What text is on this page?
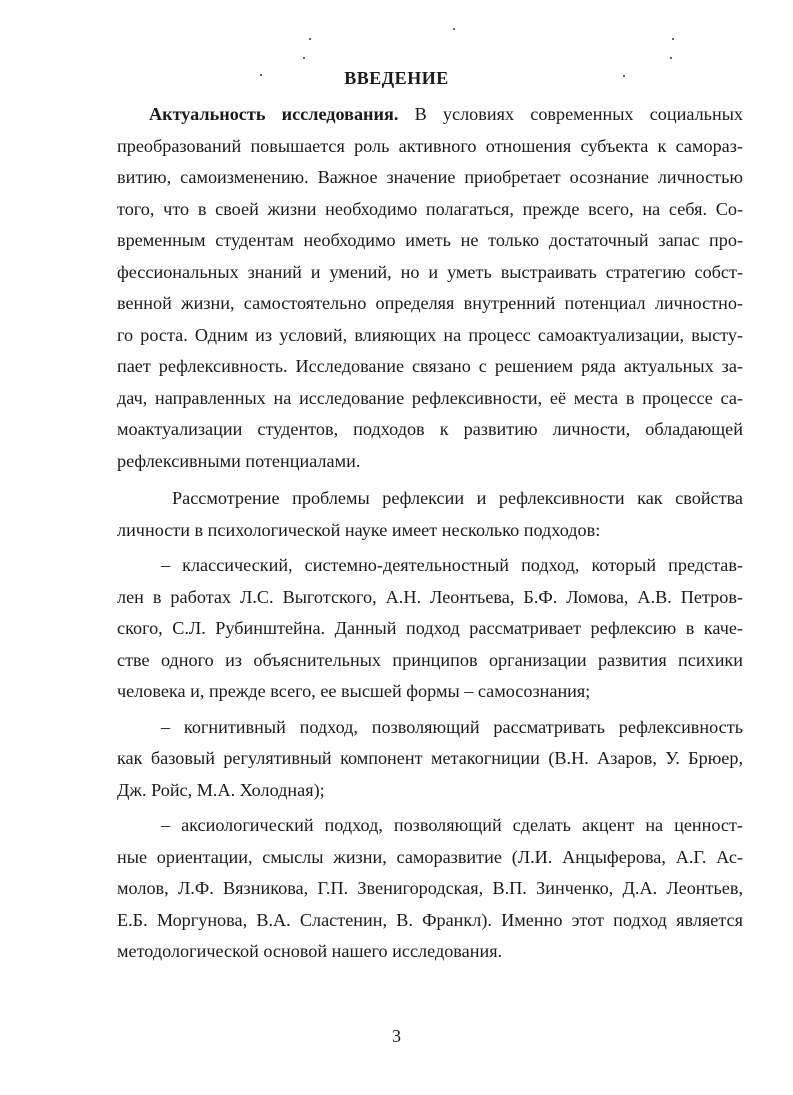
ВВЕДЕНИЕ
Актуальность исследования. В условиях современных социальных
преобразований повышается роль активного отношения субъекта к самораз-
витию, самоизменению. Важное значение приобретает осознание личностью
того, что в своей жизни необходимо полагаться, прежде всего, на себя. Со-
временным студентам необходимо иметь не только достаточный запас про-
фессиональных знаний и умений, но и уметь выстраивать стратегию собст-
венной жизни, самостоятельно определяя внутренний потенциал личностно-
го роста. Одним из условий, влияющих на процесс самоактуализации, высту-
пает рефлексивность. Исследование связано с решением ряда актуальных за-
дач, направленных на исследование рефлексивности, её места в процессе са-
моактуализации студентов, подходов к развитию личности, обладающей
рефлексивными потенциалами.
Рассмотрение проблемы рефлексии и рефлексивности как свойства
личности в психологической науке имеет несколько подходов:
– классический, системно-деятельностный подход, который представ-
лен в работах Л.С. Выготского, А.Н. Леонтьева, Б.Ф. Ломова, А.В. Петров-
ского, С.Л. Рубинштейна. Данный подход рассматривает рефлексию в каче-
стве одного из объяснительных принципов организации развития психики
человека и, прежде всего, ее высшей формы – самосознания;
– когнитивный подход, позволяющий рассматривать рефлексивность
как базовый регулятивный компонент метакогниции (В.Н. Азаров, У. Брюер,
Дж. Ройс, М.А. Холодная);
– аксиологический подход, позволяющий сделать акцент на ценност-
ные ориентации, смыслы жизни, саморазвитие (Л.И. Анцыферова, А.Г. Ас-
молов, Л.Ф. Вязникова, Г.П. Звенигородская, В.П. Зинченко, Д.А. Леонтьев,
Е.Б. Моргунова, В.А. Сластенин, В. Франкл). Именно этот подход является
методологической основой нашего исследования.
3
